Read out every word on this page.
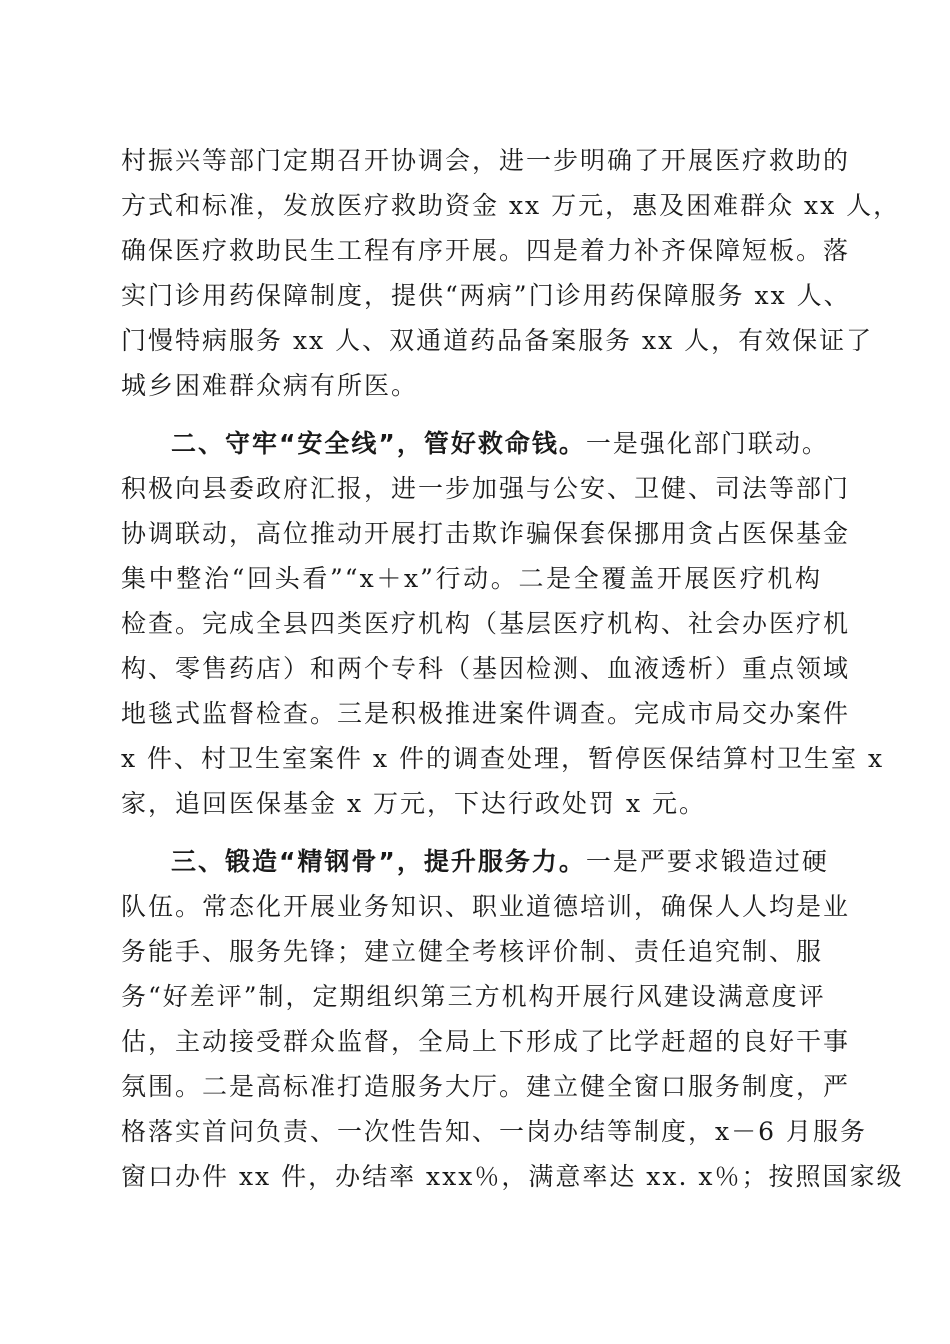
村振兴等部门定期召开协调会，进一步明确了开展医疗救助的
方式和标准，发放医疗救助资金 xx 万元，惠及困难群众 xx 人，
确保医疗救助民生工程有序开展。四是着力补齐保障短板。落
实门诊用药保障制度，提供“两病”门诊用药保障服务 xx 人、
门慢特病服务 xx 人、双通道药品备案服务 xx 人，有效保证了
城乡困难群众病有所医。
二、守牢“安全线”，管好救命钱。一是强化部门联动。
积极向县委政府汇报，进一步加强与公安、卫健、司法等部门
协调联动，高位推动开展打击欺诈骗保套保挪用贪占医保基金
集中整治“回头看”“x＋x”行动。二是全覆盖开展医疗机构
检查。完成全县四类医疗机构（基层医疗机构、社会办医疗机
构、零售药店）和两个专科（基因检测、血液透析）重点领域
地毯式监督检查。三是积极推进案件调查。完成市局交办案件
x 件、村卫生室案件 x 件的调查处理，暂停医保结算村卫生室 x
家，追回医保基金 x 万元，下达行政处罚 x 元。
三、锻造“精钢骨”，提升服务力。一是严要求锻造过硬
队伍。常态化开展业务知识、职业道德培训，确保人人均是业
务能手、服务先锋；建立健全考核评价制、责任追究制、服
务“好差评”制，定期组织第三方机构开展行风建设满意度评
估，主动接受群众监督，全局上下形成了比学赶超的良好干事
氛围。二是高标准打造服务大厅。建立健全窗口服务制度，严
格落实首问负责、一次性告知、一岗办结等制度，x－6 月服务
窗口办件 xx 件，办结率 xxx％，满意率达 xx. x％；按照国家级
